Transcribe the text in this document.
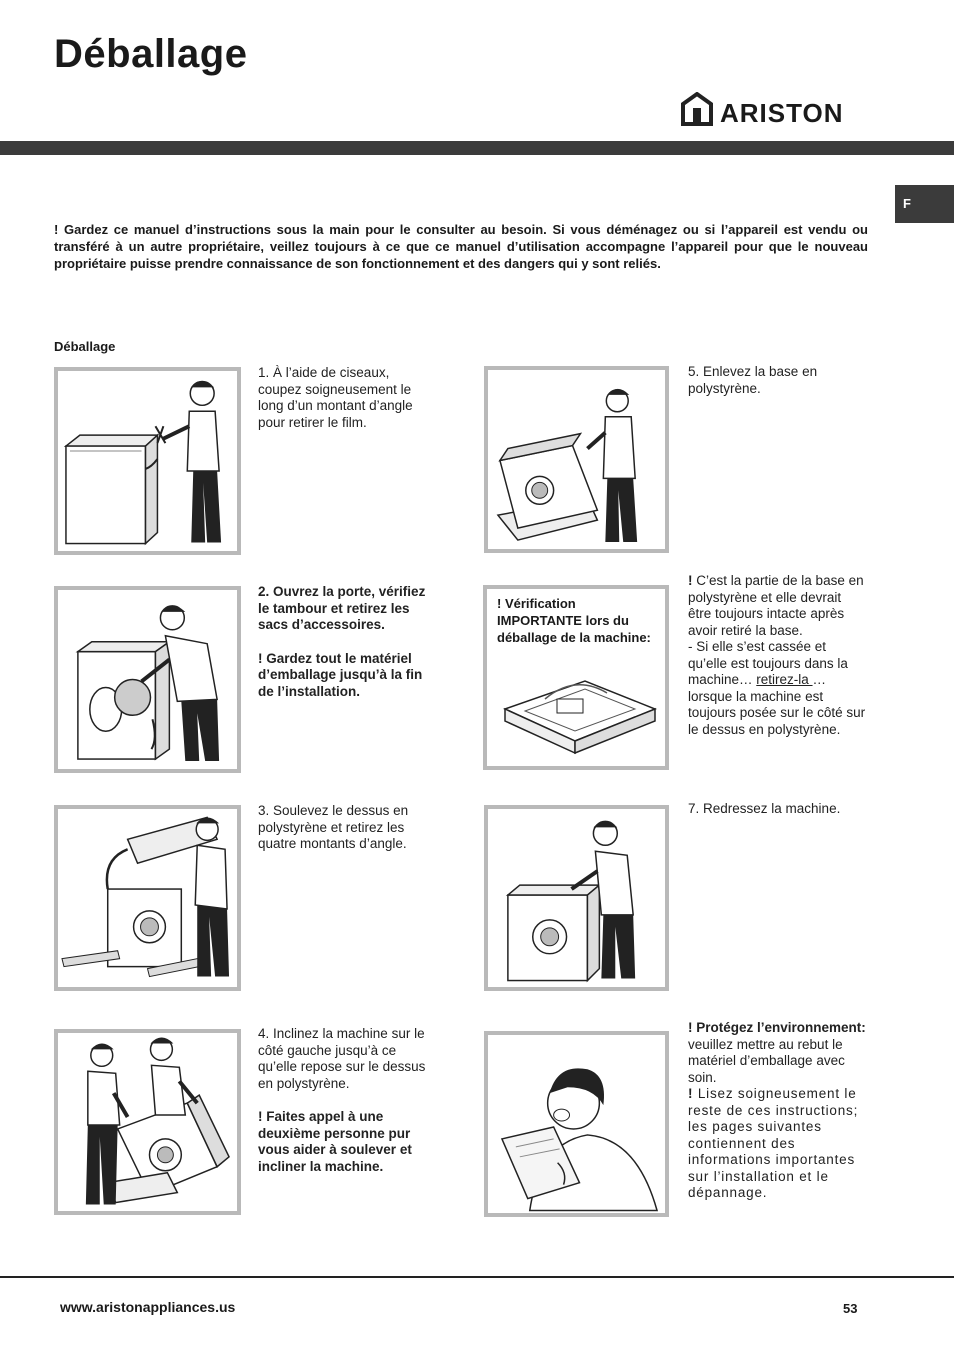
Déballage
ARISTON
F
! Gardez ce manuel d’instructions sous la main pour le consulter au besoin. Si vous déménagez ou si l’appareil est vendu ou transféré à un autre propriétaire, veillez toujours à ce que ce manuel d’utilisation accompagne l’appareil pour que le nouveau propriétaire puisse prendre connaissance de son fonctionnement et des dangers qui y sont reliés.
Déballage
1. À l’aide de ciseaux, coupez soigneusement le long d’un montant d’angle pour retirer le film.
5. Enlevez la base en polystyrène.
2. Ouvrez la porte, vérifiez le tambour et retirez les sacs d’accessoires.
! Gardez tout le matériel d’emballage jusqu’à la fin de l’installation.
! Vérification IMPORTANTE lors du déballage de la machine:
! C’est la partie de la base en polystyrène et elle devrait être toujours intacte après avoir retiré la base.
- Si elle s’est cassée et qu’elle est toujours dans la machine… retirez-la … lorsque la machine est toujours posée sur le côté sur le dessus en polystyrène.
3. Soulevez le dessus en polystyrène et retirez les quatre montants d’angle.
7. Redressez la machine.
4. Inclinez la machine sur le côté gauche jusqu’à ce qu’elle repose sur le dessus en polystyrène.
! Faites appel à une deuxième personne pur vous aider à soulever et incliner la machine.
! Protégez l’environnement:
veuillez mettre au rebut le matériel d’emballage avec soin.
! Lisez soigneusement le reste de ces instructions; les pages suivantes contiennent des informations importantes sur l’installation et le dépannage.
www.aristonappliances.us	53
